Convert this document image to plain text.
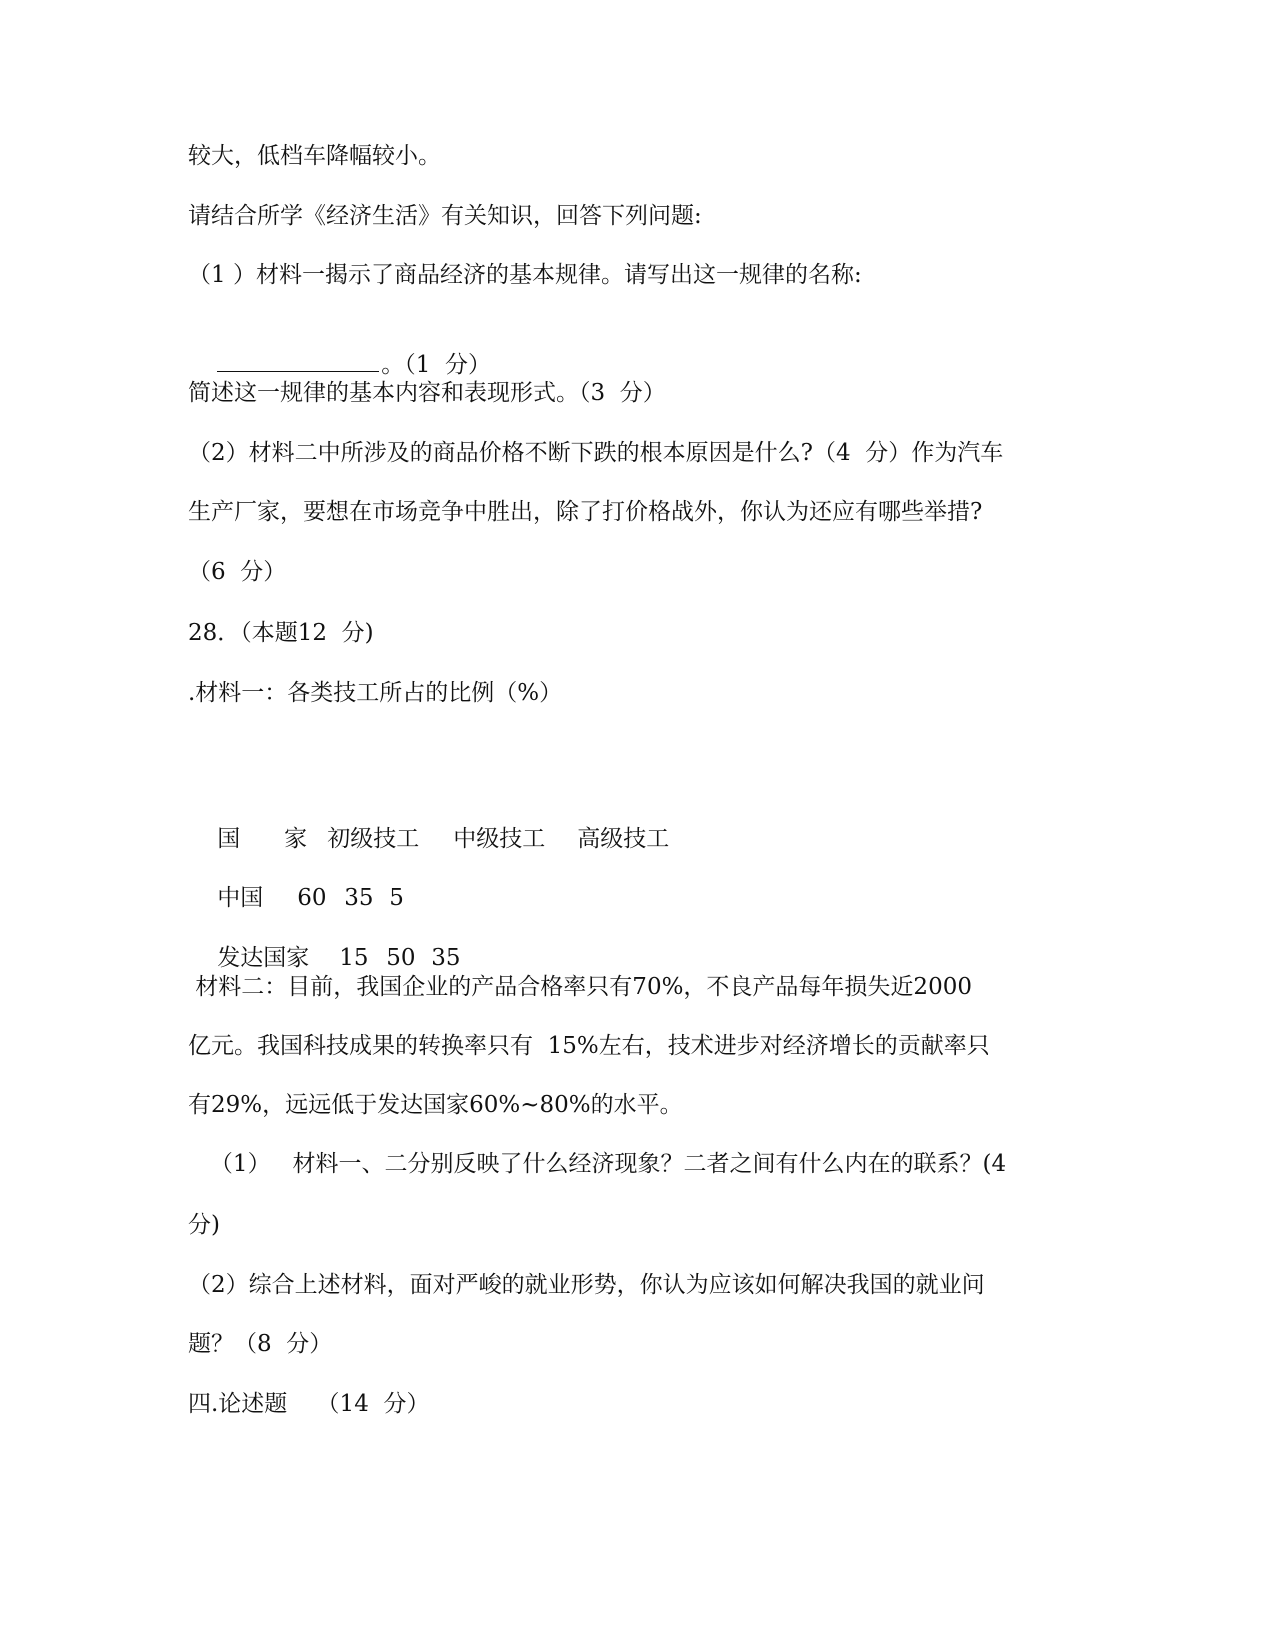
较大，低档车降幅较小。
请结合所学《经济生活》有关知识，回答下列问题:
（1 ）材料一揭示了商品经济的基本规律。请写出这一规律的名称:

。（1  分）

简述这一规律的基本内容和表现形式。（3  分）
（2）材料二中所涉及的商品价格不断下跌的根本原因是什么?（4  分）作为汽车
生产厂家，要想在市场竞争中胜出，除了打价格战外，你认为还应有哪些举措?
（6  分）
28．（本题12  分)
.材料一：各类技工所占的比例（%）

国      家 初级技工 中级技工 高级技工

中国 60 35 5

发达国家 15 50 35

材料二：目前，我国企业的产品合格率只有70%，不良产品每年损失近2000
亿元。我国科技成果的转换率只有  15%左右，技术进步对经济增长的贡献率只
有29%，远远低于发达国家60%~80%的水平。
（1）   材料一、二分别反映了什么经济现象？二者之间有什么内在的联系？(4
分)
（2）综合上述材料，面对严峻的就业形势，你认为应该如何解决我国的就业问
题？（8  分）
四.论述题    （14  分）
